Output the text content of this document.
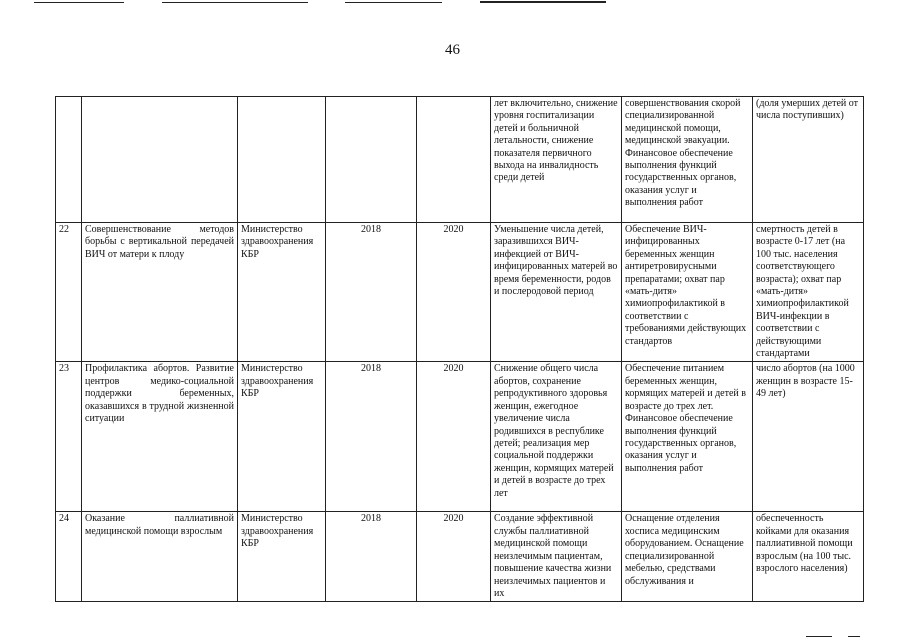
46
					лет включительно, снижение уровня госпитализации детей и больничной летальности, снижение показателя первичного выхода на инвалидность среди детей	совершенствования скорой специализированной медицинской помощи, медицинской эвакуации. Финансовое обеспечение выполнения функций государственных органов, оказания услуг и выполнения работ	(доля умерших детей от числа поступивших)
22	Совершенствование методов борьбы с вертикальной передачей ВИЧ от матери к плоду	Министерство здравоохранения КБР	2018	2020	Уменьшение числа детей, заразившихся ВИЧ-инфекцией от ВИЧ-инфицированных матерей во время беременности, родов и послеродовой период	Обеспечение ВИЧ-инфицированных беременных женщин антиретровирусными препаратами; охват пар «мать-дитя» химиопрофилактикой в соответствии с требованиями действующих стандартов	смертность детей в возрасте 0-17 лет (на 100 тыс. населения соответствующего возраста); охват пар «мать-дитя» химиопрофилактикой ВИЧ-инфекции в соответствии с действующими стандартами
23	Профилактика абортов. Развитие центров медико-социальной поддержки беременных, оказавшихся в трудной жизненной ситуации	Министерство здравоохранения КБР	2018	2020	Снижение общего числа абортов, сохранение репродуктивного здоровья женщин, ежегодное увеличение числа родившихся в республике детей; реализация мер социальной поддержки женщин, кормящих матерей и детей в возрасте до трех лет	Обеспечение питанием беременных женщин, кормящих матерей и детей в возрасте до трех лет. Финансовое обеспечение выполнения функций государственных органов, оказания услуг и выполнения работ	число абортов (на 1000 женщин в возрасте 15-49 лет)
24	Оказание паллиативной медицинской помощи взрослым	Министерство здравоохранения КБР	2018	2020	Создание эффективной службы паллиативной медицинской помощи неизлечимым пациентам, повышение качества жизни неизлечимых пациентов и их	Оснащение отделения хосписа медицинским оборудованием. Оснащение специализированной мебелью, средствами обслуживания и	обеспеченность койками для оказания паллиативной помощи взрослым (на 100 тыс. взрослого населения)
